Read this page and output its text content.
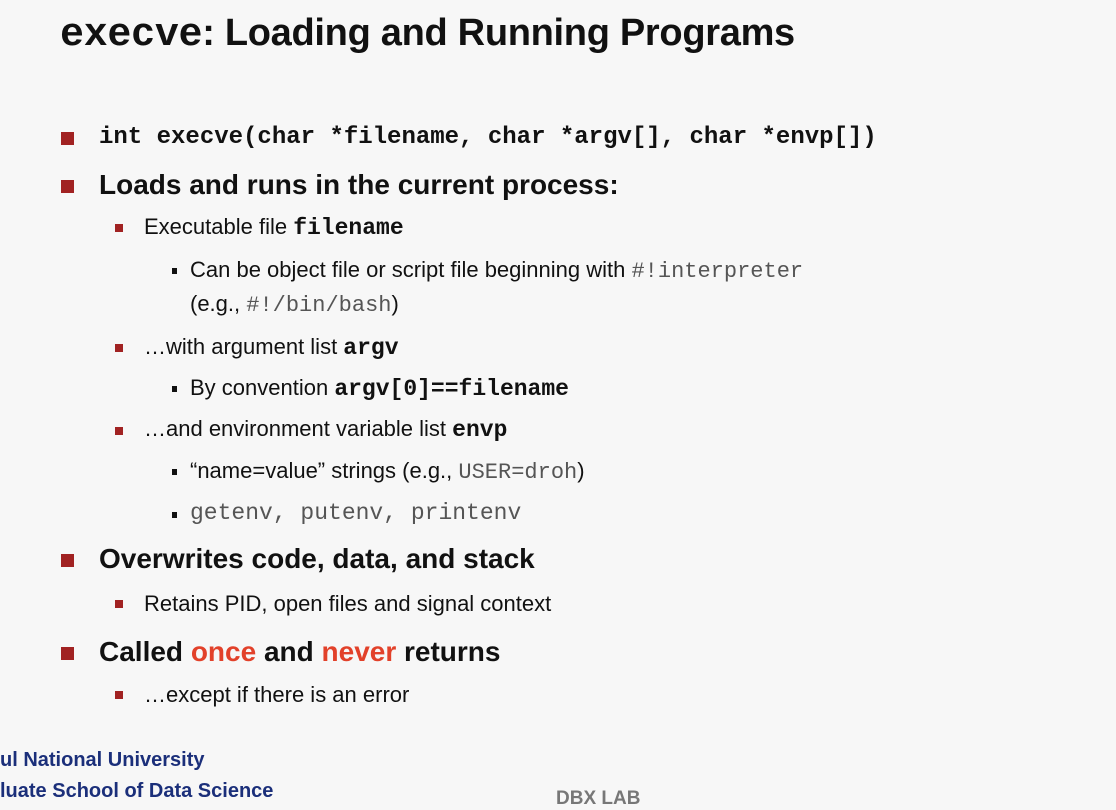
execve: Loading and Running Programs
int execve(char *filename, char *argv[], char *envp[])
Loads and runs in the current process:
Executable file filename
Can be object file or script file beginning with #!interpreter
(e.g., #!/bin/bash)
…with argument list argv
By convention argv[0]==filename
…and environment variable list envp
“name=value” strings (e.g., USER=droh)
getenv, putenv, printenv
Overwrites code, data, and stack
Retains PID, open files and signal context
Called once and never returns
…except if there is an error
ul National University
luate School of Data Science	DBX LAB
